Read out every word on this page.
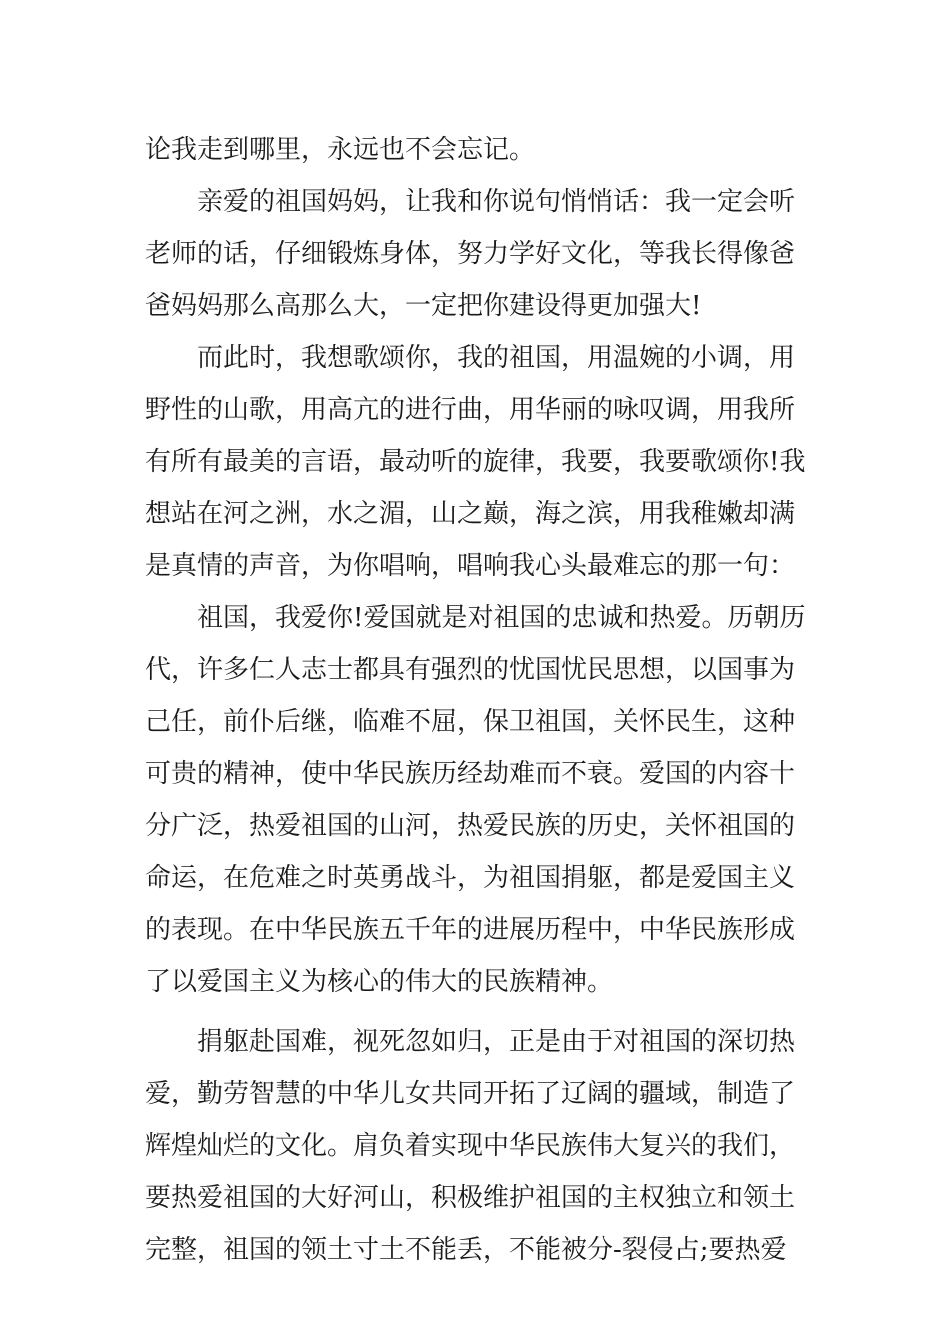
论我走到哪里，永远也不会忘记。
亲爱的祖国妈妈，让我和你说句悄悄话：我一定会听
老师的话，仔细锻炼身体，努力学好文化，等我长得像爸
爸妈妈那么高那么大，一定把你建设得更加强大!
而此时，我想歌颂你，我的祖国，用温婉的小调，用
野性的山歌，用高亢的进行曲，用华丽的咏叹调，用我所
有所有最美的言语，最动听的旋律，我要，我要歌颂你!我
想站在河之洲，水之湄，山之巅，海之滨，用我稚嫩却满
是真情的声音，为你唱响，唱响我心头最难忘的那一句：
祖国，我爱你!爱国就是对祖国的忠诚和热爱。历朝历
代，许多仁人志士都具有强烈的忧国忧民思想，以国事为
己任，前仆后继，临难不屈，保卫祖国，关怀民生，这种
可贵的精神，使中华民族历经劫难而不衰。爱国的内容十
分广泛，热爱祖国的山河，热爱民族的历史，关怀祖国的
命运，在危难之时英勇战斗，为祖国捐躯，都是爱国主义
的表现。在中华民族五千年的进展历程中，中华民族形成
了以爱国主义为核心的伟大的民族精神。
捐躯赴国难，视死忽如归，正是由于对祖国的深切热
爱，勤劳智慧的中华儿女共同开拓了辽阔的疆域，制造了
辉煌灿烂的文化。肩负着实现中华民族伟大复兴的我们，
要热爱祖国的大好河山，积极维护祖国的主权独立和领土
完整，祖国的领土寸土不能丢，不能被分-裂侵占;要热爱
